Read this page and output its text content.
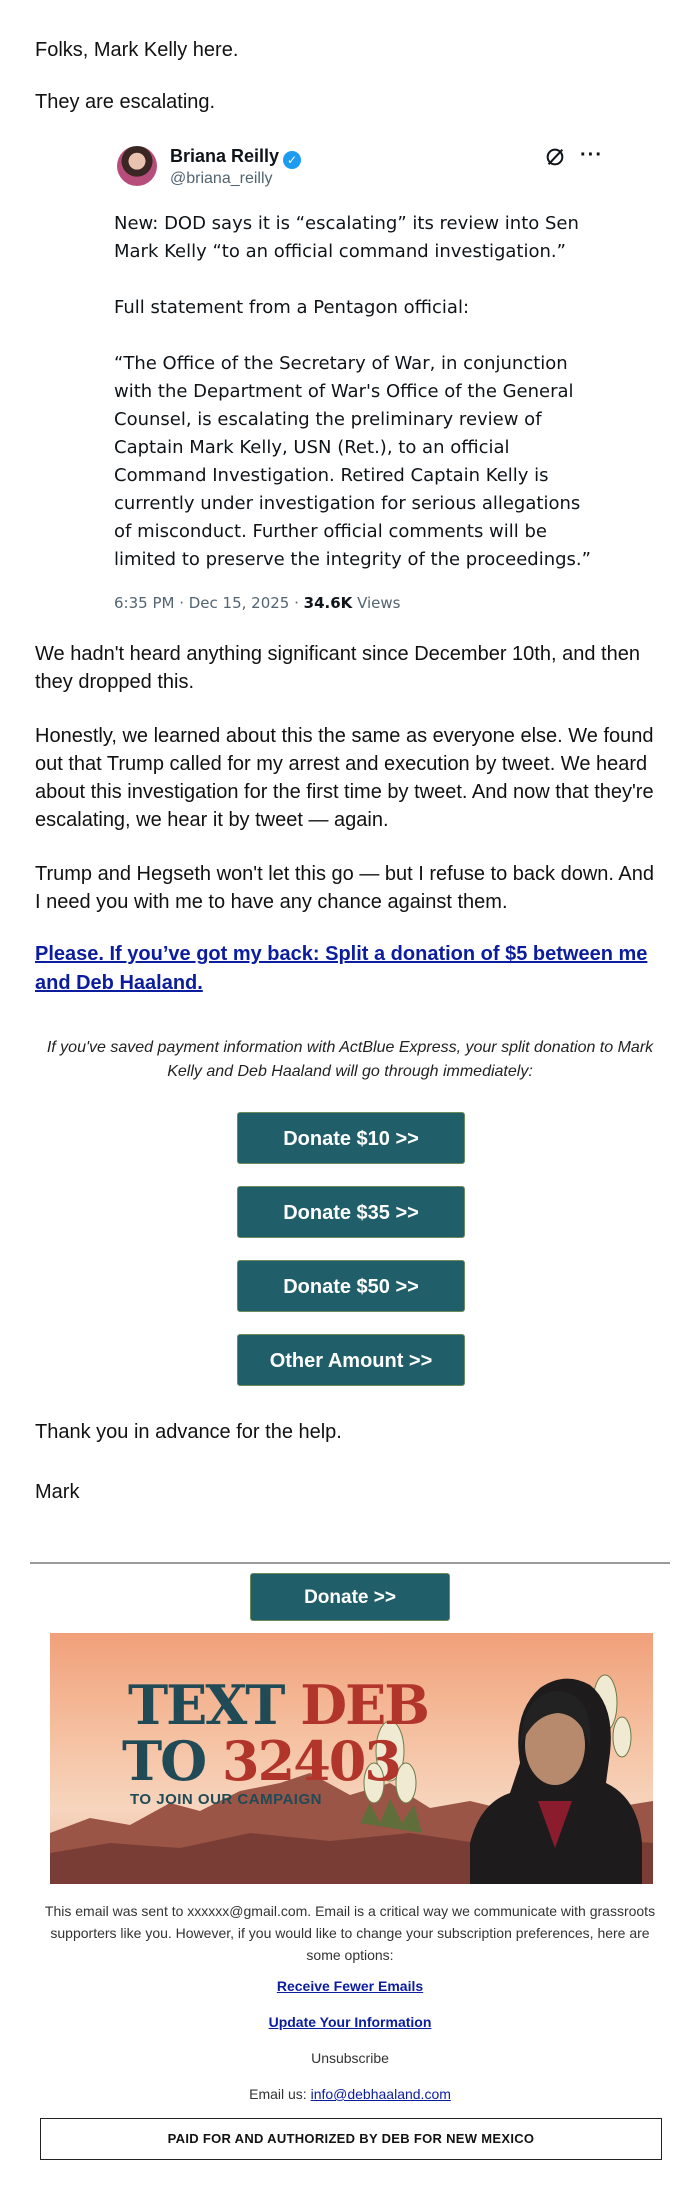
Folks, Mark Kelly here.

They are escalating.

Briana Reilly ✓
@briana_reilly
···

New: DOD says it is “escalating” its review into Sen Mark Kelly “to an official command investigation.”

Full statement from a Pentagon official:

“The Office of the Secretary of War, in conjunction with the Department of War's Office of the General Counsel, is escalating the preliminary review of Captain Mark Kelly, USN (Ret.), to an official Command Investigation. Retired Captain Kelly is currently under investigation for serious allegations of misconduct. Further official comments will be limited to preserve the integrity of the proceedings.”

6:35 PM · Dec 15, 2025 · 34.6K Views

We hadn't heard anything significant since December 10th, and then they dropped this.

Honestly, we learned about this the same as everyone else. We found out that Trump called for my arrest and execution by tweet. We heard about this investigation for the first time by tweet. And now that they're escalating, we hear it by tweet — again.

Trump and Hegseth won't let this go — but I refuse to back down. And I need you with me to have any chance against them.

Please. If you’ve got my back: Split a donation of $5 between me and Deb Haaland.
If you've saved payment information with ActBlue Express, your split donation to Mark Kelly and Deb Haaland will go through immediately:
Donate $10 >>
Donate $35 >>
Donate $50 >>
Other Amount >>

Thank you in advance for the help.

Mark

Donate >>
TEXT DEB
TO 32403
TO JOIN OUR CAMPAIGN
This email was sent to xxxxxx@gmail.com. Email is a critical way we communicate with grassroots supporters like you. However, if you would like to change your subscription preferences, here are some options:
Receive Fewer Emails
Update Your Information
Unsubscribe
Email us: info@debhaaland.com
PAID FOR AND AUTHORIZED BY DEB FOR NEW MEXICO
